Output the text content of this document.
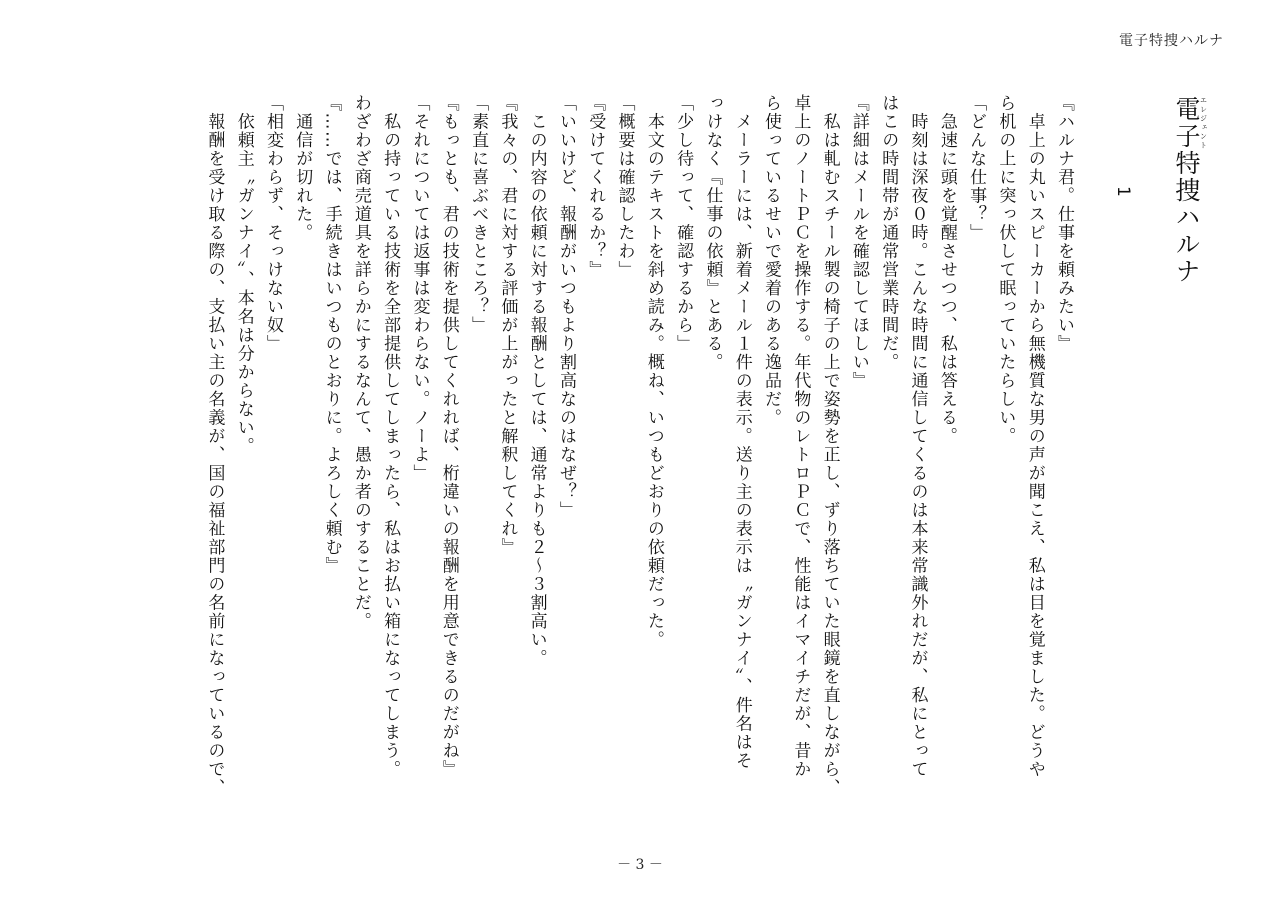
電子特捜ハルナ
電子エレジェント特捜ハルナ

1

『ハルナ君。仕事を頼みたい』

　卓上の丸いスピーカーから無機質な男の声が聞こえ、私は目を覚ました。どうや

ら机の上に突っ伏して眠っていたらしい。

「どんな仕事？」

　急速に頭を覚醒させつつ、私は答える。

　時刻は深夜０時。こんな時間に通信してくるのは本来常識外れだが、私にとって

はこの時間帯が通常営業時間だ。

『詳細はメールを確認してほしい』

　私は軋むスチール製の椅子の上で姿勢を正し、ずり落ちていた眼鏡を直しながら、

卓上のノートＰＣを操作する。年代物のレトロＰＣで、性能はイマイチだが、昔か

ら使っているせいで愛着のある逸品だ。

　メーラーには、新着メール１件の表示。送り主の表示は〝ガンナイ〟、件名はそ

っけなく『仕事の依頼』とある。

「少し待って、確認するから」

　本文のテキストを斜め読み。概ね、いつもどおりの依頼だった。

「概要は確認したわ」

『受けてくれるか？』

「いいけど、報酬がいつもより割高なのはなぜ？」

　この内容の依頼に対する報酬としては、通常よりも２～３割高い。

『我々の、君に対する評価が上がったと解釈してくれ』

「素直に喜ぶべきところ？」

『もっとも、君の技術を提供してくれれば、桁違いの報酬を用意できるのだがね』

「それについては返事は変わらない。ノーよ」

　私の持っている技術を全部提供してしまったら、私はお払い箱になってしまう。

わざわざ商売道具を詳らかにするなんて、愚か者のすることだ。

『……では、手続きはいつものとおりに。よろしく頼む』

　通信が切れた。

「相変わらず、そっけない奴」

　依頼主〝ガンナイ〟、本名は分からない。

　報酬を受け取る際の、支払い主の名義が、国の福祉部門の名前になっているので、

－ 3 －
